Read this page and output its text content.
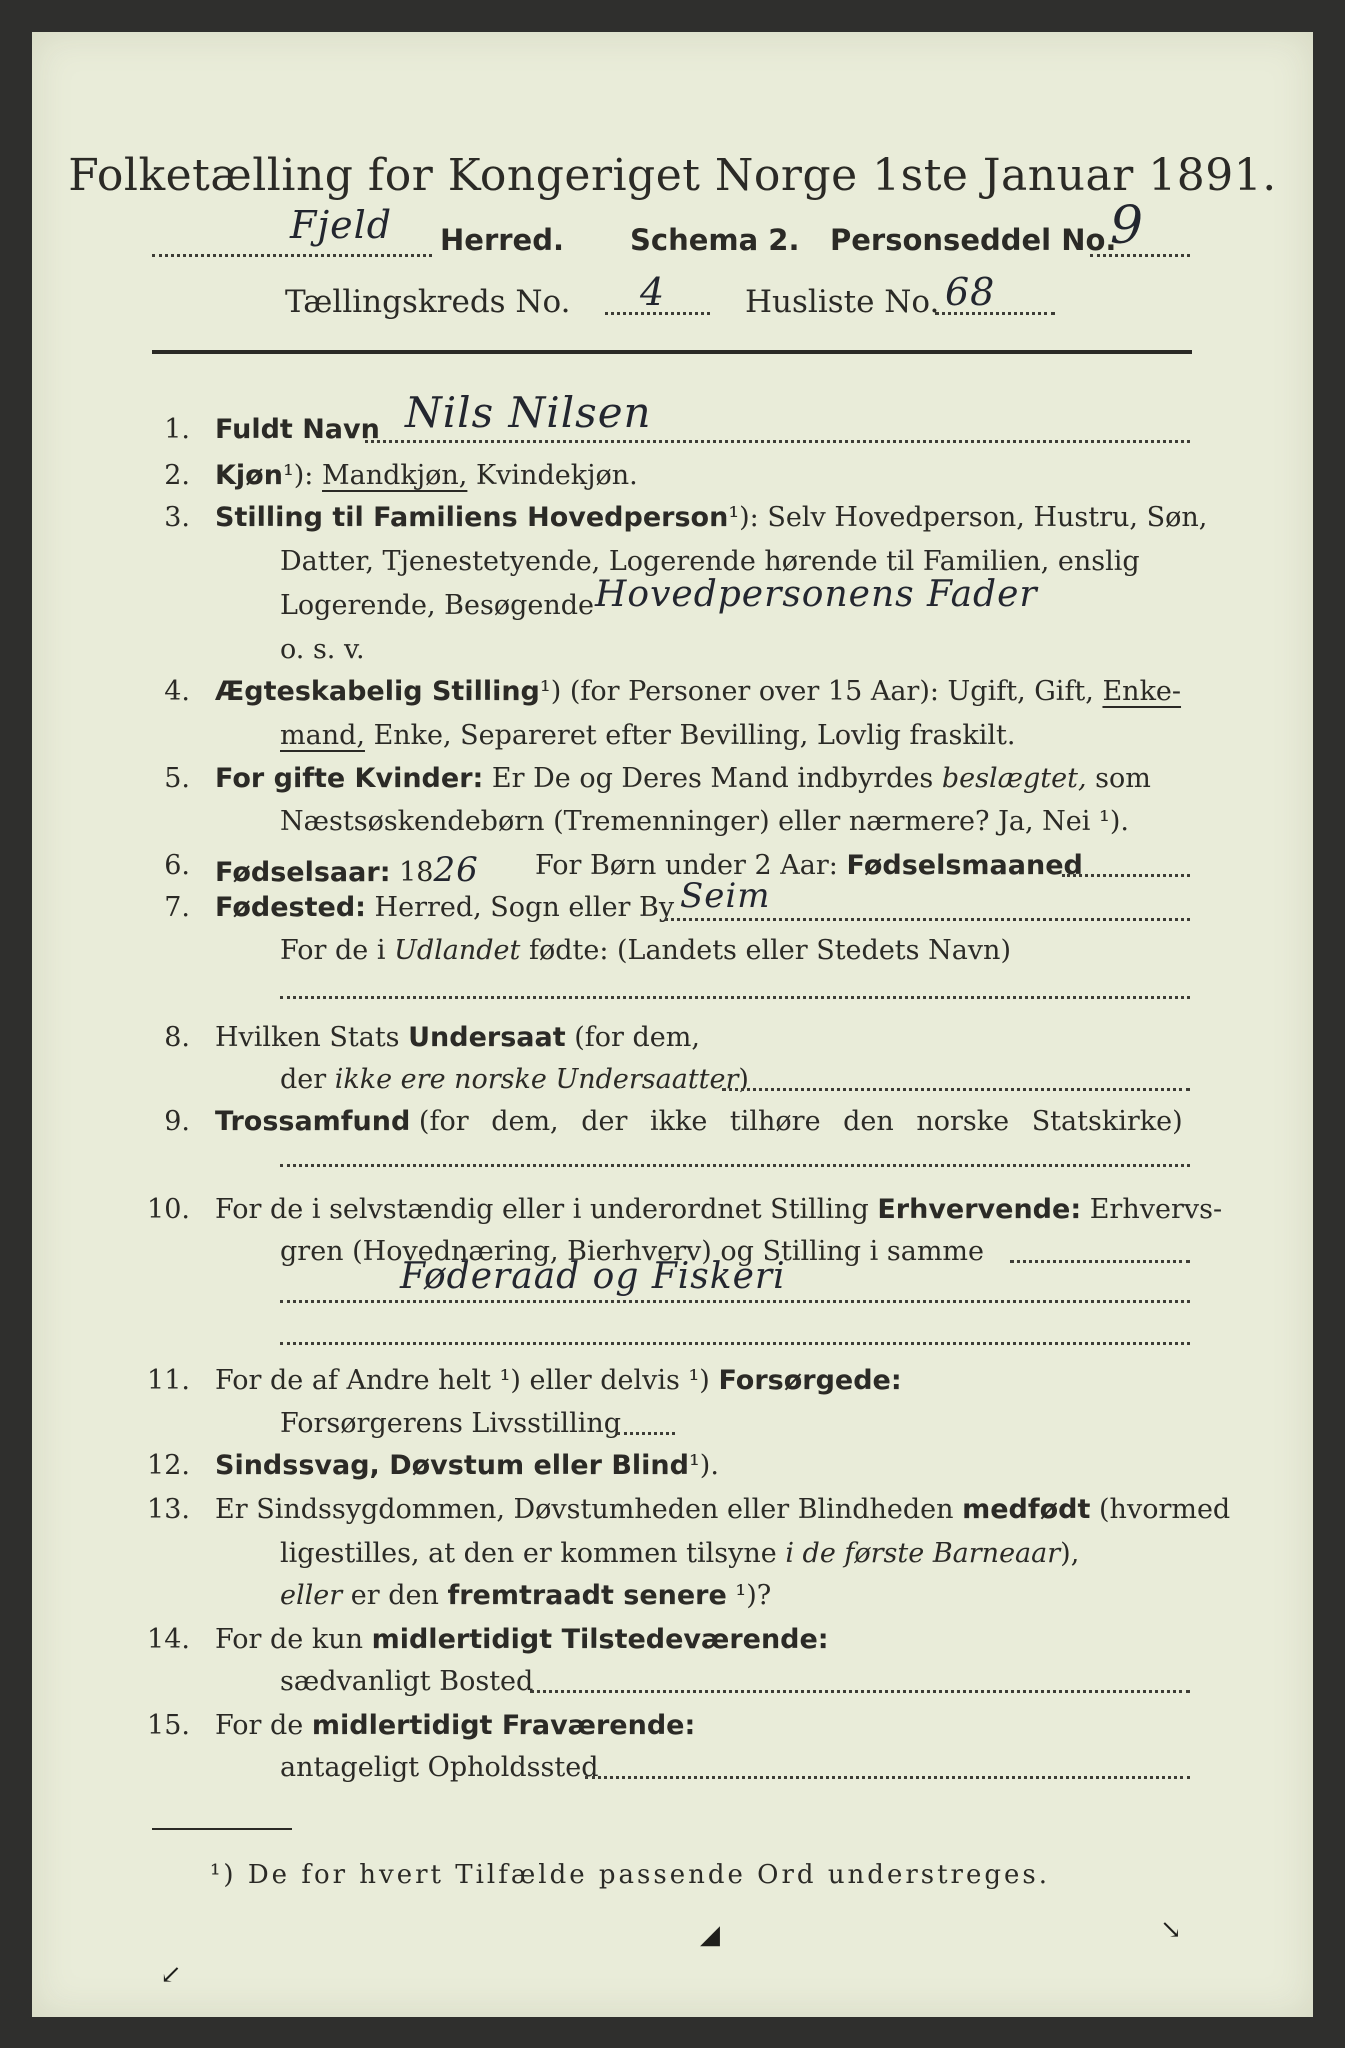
Folketælling for Kongeriget Norge 1ste Januar 1891.
Fjeld Herred. Schema 2. Personseddel No.
9
Tællingskreds No. 4	Husliste No. 68
1. Fuldt Navn Nils Nilsen
2. Kjøn¹): Mandkjøn, Kvindekjøn.
3. Stilling til Familiens Hovedperson¹): Selv Hovedperson, Hustru, Søn,
Datter, Tjenestetyende, Logerende hørende til Familien, enslig
Logerende, Besøgende Hovedpersonens Fader
o. s. v.
4. Ægteskabelig Stilling¹) (for Personer over 15 Aar): Ugift, Gift, Enke-
mand, Enke, Separeret efter Bevilling, Lovlig fraskilt.
5. For gifte Kvinder: Er De og Deres Mand indbyrdes beslægtet, som
Næstsøskendebørn (Tremenninger) eller nærmere? Ja, Nei ¹).
6. Fødselsaar: 1826 For Børn under 2 Aar: Fødselsmaaned
7. Fødested: Herred, Sogn eller By Seim
For de i Udlandet fødte: (Landets eller Stedets Navn)
8. Hvilken Stats Undersaat (for dem,
der ikke ere norske Undersaatter)
9. Trossamfund (for dem, der ikke tilhøre den norske Statskirke)
10. For de i selvstændig eller i underordnet Stilling Erhvervende: Erhvervs-
gren (Hovednæring, Bierhverv) og Stilling i samme
Føderaad og Fiskeri
11. For de af Andre helt ¹) eller delvis ¹) Forsørgede:
Forsørgerens Livsstilling
12. Sindssvag, Døvstum eller Blind¹).
13. Er Sindssygdommen, Døvstumheden eller Blindheden medfødt (hvormed
ligestilles, at den er kommen tilsyne i de første Barneaar),
eller er den fremtraadt senere ¹)?
14. For de kun midlertidigt Tilstedeværende:
sædvanligt Bosted
15. For de midlertidigt Fraværende:
antageligt Opholdssted
¹) De for hvert Tilfælde passende Ord understreges.
◢	↘
↙
